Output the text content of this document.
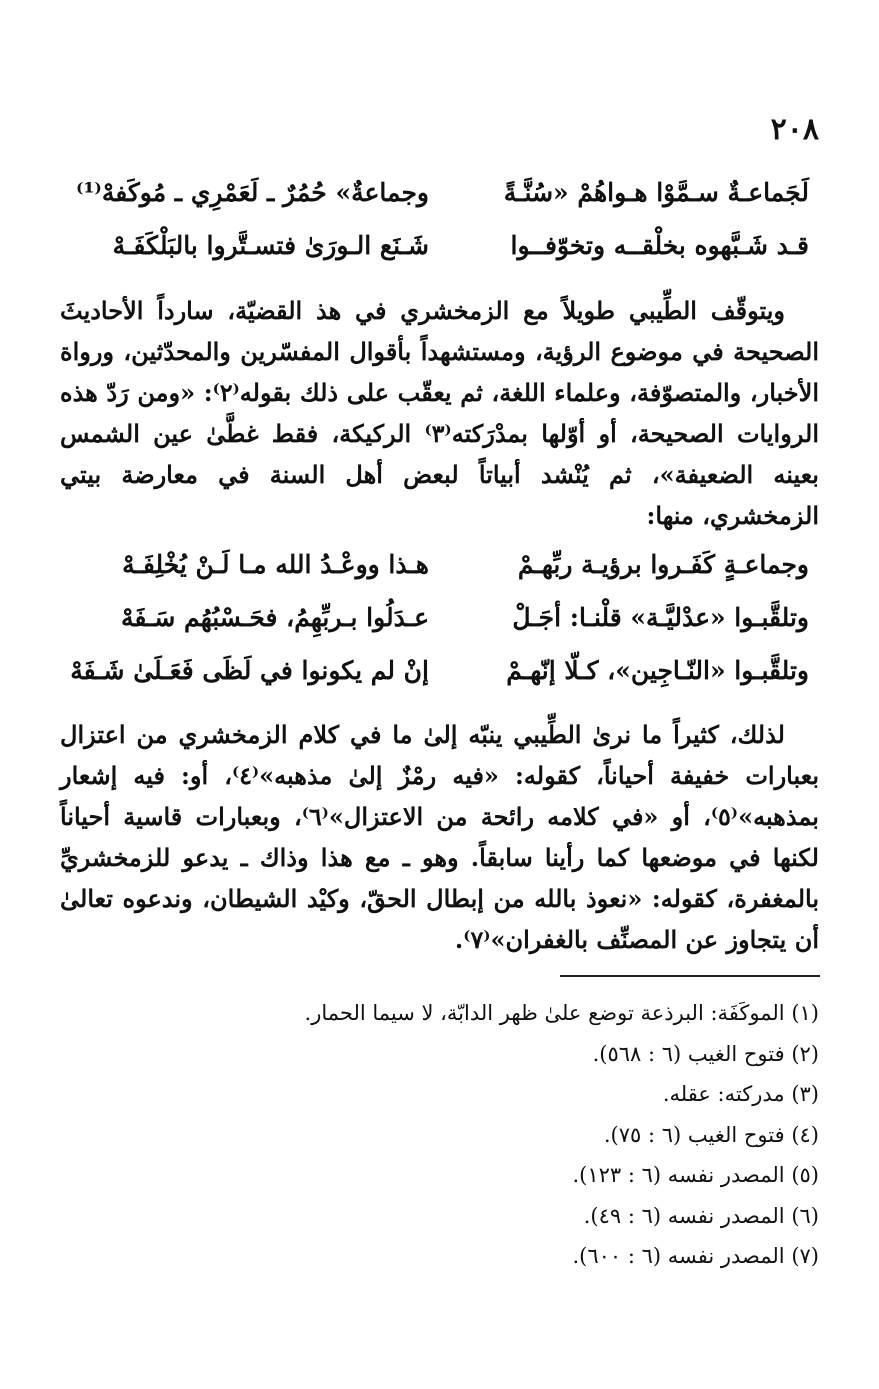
٢٠٨
لَجَماعـةٌ سـمَّوْا هـواهُمْ «سُنَّـةً
وجماعةٌ» حُمُرٌ ـ لَعَمْرِي ـ مُوكَفهْ⁽¹⁾
قـد شَـبَّهوه بخلْقــه وتخوّفــوا
شَـنَع الـورَىٰ فتسـتَّروا بالبَلْكَفَـهْ

ويتوقّف الطِّيبي طويلاً مع الزمخشري في هذ القضيّة، سارداً الأحاديثَ الصحيحة في موضوع الرؤية، ومستشهداً بأقوال المفسّرين والمحدّثين، ورواة الأخبار، والمتصوّفة، وعلماء اللغة، ثم يعقّب على ذلك بقوله⁽٢⁾: «ومن رَدّ هذه الروايات الصحيحة، أو أوّلها بمدْرَكته⁽٣⁾ الركيكة، فقط غطَّىٰ عين الشمس بعينه الضعيفة»، ثم يُنْشد أبياتاً لبعض أهل السنة في معارضة بيتي الزمخشري، منها:

وجماعـةٍ كَفَـروا برؤيـة ربِّهـمْ
هـذا ووعْـدُ الله مـا لَـنْ يُخْلِفَـهْ
وتلقَّبـوا «عدْليَّـة» قلْنـا: أجَـلْ
عـدَلُوا بـربِّهِمُ، فحَـسْبُهُم سَـفَهْ
وتلقَّبـوا «النّـاجِين»، كـلّا إنّهـمْ
إنْ لم يكونوا في لَظَى فَعَـلَىٰ شَـفَهْ

لذلك، كثيراً ما نرىٰ الطِّيبي ينبّه إلىٰ ما في كلام الزمخشري من اعتزال بعبارات خفيفة أحياناً، كقوله: «فيه رمْزٌ إلىٰ مذهبه»⁽٤⁾، أو: فيه إشعار بمذهبه»⁽٥⁾، أو «في كلامه رائحة من الاعتزال»⁽٦⁾، وبعبارات قاسية أحياناً لكنها في موضعها كما رأينا سابقاً. وهو ـ مع هذا وذاك ـ يدعو للزمخشريِّ بالمغفرة، كقوله: «نعوذ بالله من إبطال الحقّ، وكيْد الشيطان، وندعوه تعالىٰ أن يتجاوز عن المصنِّف بالغفران»⁽٧⁾.

(١) الموكَفَة: البرذعة توضع علىٰ ظهر الدابّة، لا سيما الحمار.
(٢) فتوح الغيب (٦ : ٥٦٨).
(٣) مدركته: عقله.
(٤) فتوح الغيب (٦ : ٧٥).
(٥) المصدر نفسه (٦ : ١٢٣).
(٦) المصدر نفسه (٦ : ٤٩).
(٧) المصدر نفسه (٦ : ٦٠٠).
